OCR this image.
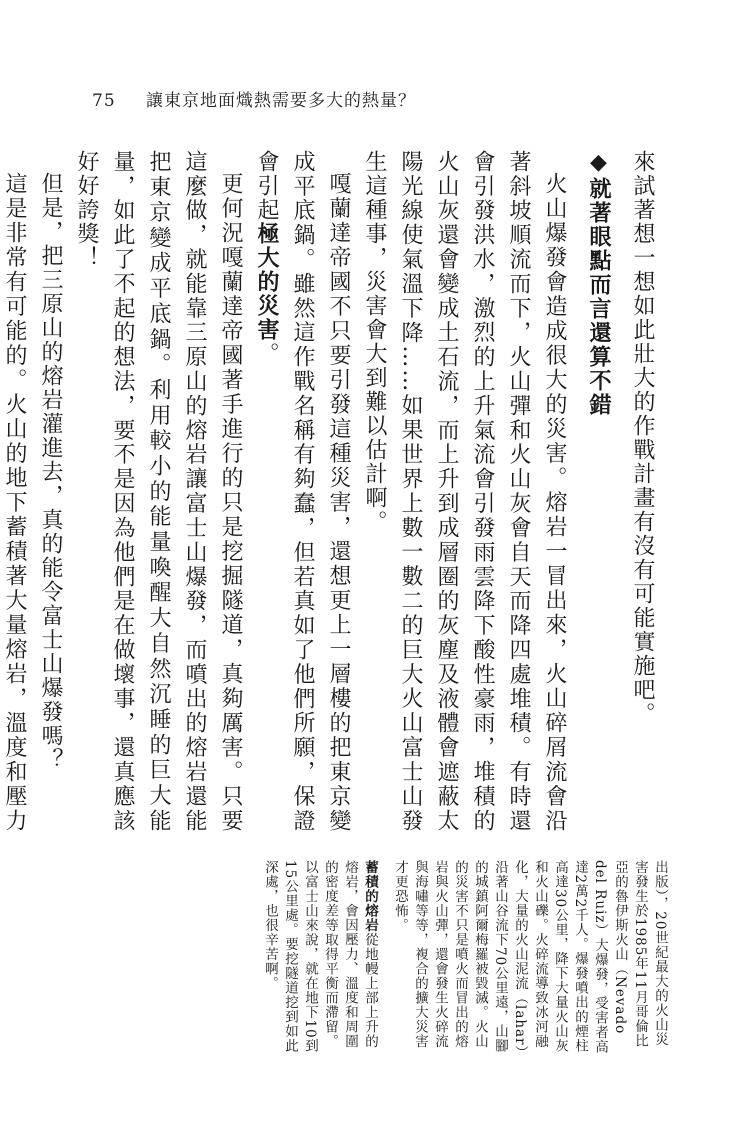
75 讓東京地面熾熱需要多大的熱量？

來試著想一想如此壯大的作戰計畫有沒有可能實施吧。

◆就著眼點而言還算不錯

火山爆發會造成很大的災害。熔岩一冒出來，火山碎屑流會沿著斜坡順流而下，火山彈和火山灰會自天而降四處堆積。有時還會引發洪水，激烈的上升氣流會引發雨雲降下酸性豪雨，堆積的火山灰還會變成土石流，而上升到成層圈的灰塵及液體會遮蔽太陽光線使氣溫下降……如果世界上數一數二的巨大火山富士山發生這種事，災害會大到難以估計啊。

嘎蘭達帝國不只要引發這種災害，還想更上一層樓的把東京變成平底鍋。雖然這作戰名稱有夠蠢，但若真如了他們所願，保證會引起極大的災害。

更何況嘎蘭達帝國著手進行的只是挖掘隧道，真夠厲害。只要這麼做，就能靠三原山的熔岩讓富士山爆發，而噴出的熔岩還能把東京變成平底鍋。利用較小的能量喚醒大自然沉睡的巨大能量，如此了不起的想法，要不是因為他們是在做壞事，還真應該好好誇獎！

但是，把三原山的熔岩灌進去，真的能令富士山爆發嗎？

這是非常有可能的。火山的地下蓄積著大量熔岩，溫度和壓力

出版），20世紀最大的火山災害發生於1985年11月哥倫比亞的魯伊斯火山（Nevado del Ruiz）大爆發，受害者高達2萬2千人。爆發噴出的煙柱高達30公里，降下大量火山灰和火山礫。火碎流導致冰河融化，大量的火山泥流（lahar）沿著山谷流下70公里遠，山腳的城鎮阿爾梅羅被毀滅。火山的災害不只是噴火而冒出的熔岩與火山彈，還會發生火碎流與海嘯等等，複合的擴大災害才更恐怖。

蓄積的熔岩從地幔上部上升的熔岩，會因壓力、溫度和周圍的密度差等取得平衡而滯留。以富士山來說，就在地下10到15公里處。要挖隧道挖到如此深處，也很辛苦啊。
